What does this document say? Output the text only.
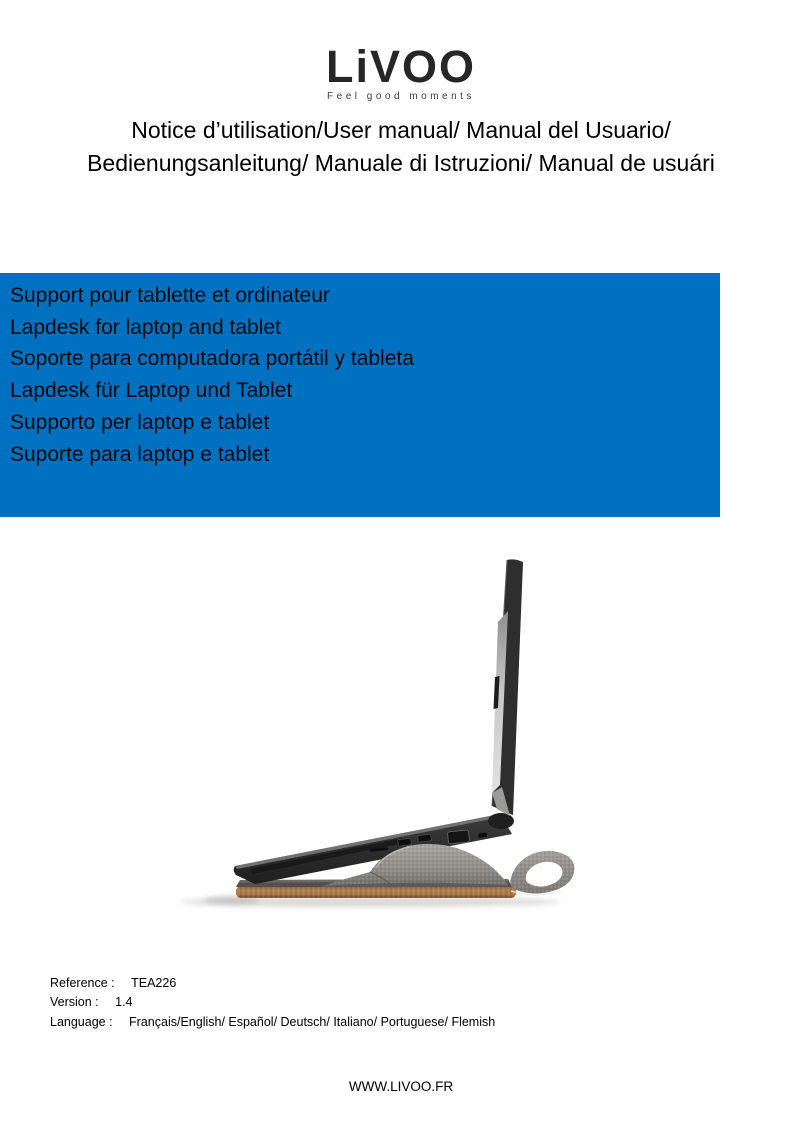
LiVOO
Feel good moments
Notice d’utilisation/User manual/ Manual del Usuario/
Bedienungsanleitung/ Manuale di Istruzioni/ Manual de usuári
Support pour tablette et ordinateur
Lapdesk for laptop and tablet
Soporte para computadora portátil y tableta
Lapdesk für Laptop und Tablet
Supporto per laptop e tablet
Suporte para laptop e tablet
Reference : TEA226
Version : 1.4
Language : Français/English/ Español/ Deutsch/ Italiano/ Portuguese/ Flemish
WWW.LIVOO.FR
